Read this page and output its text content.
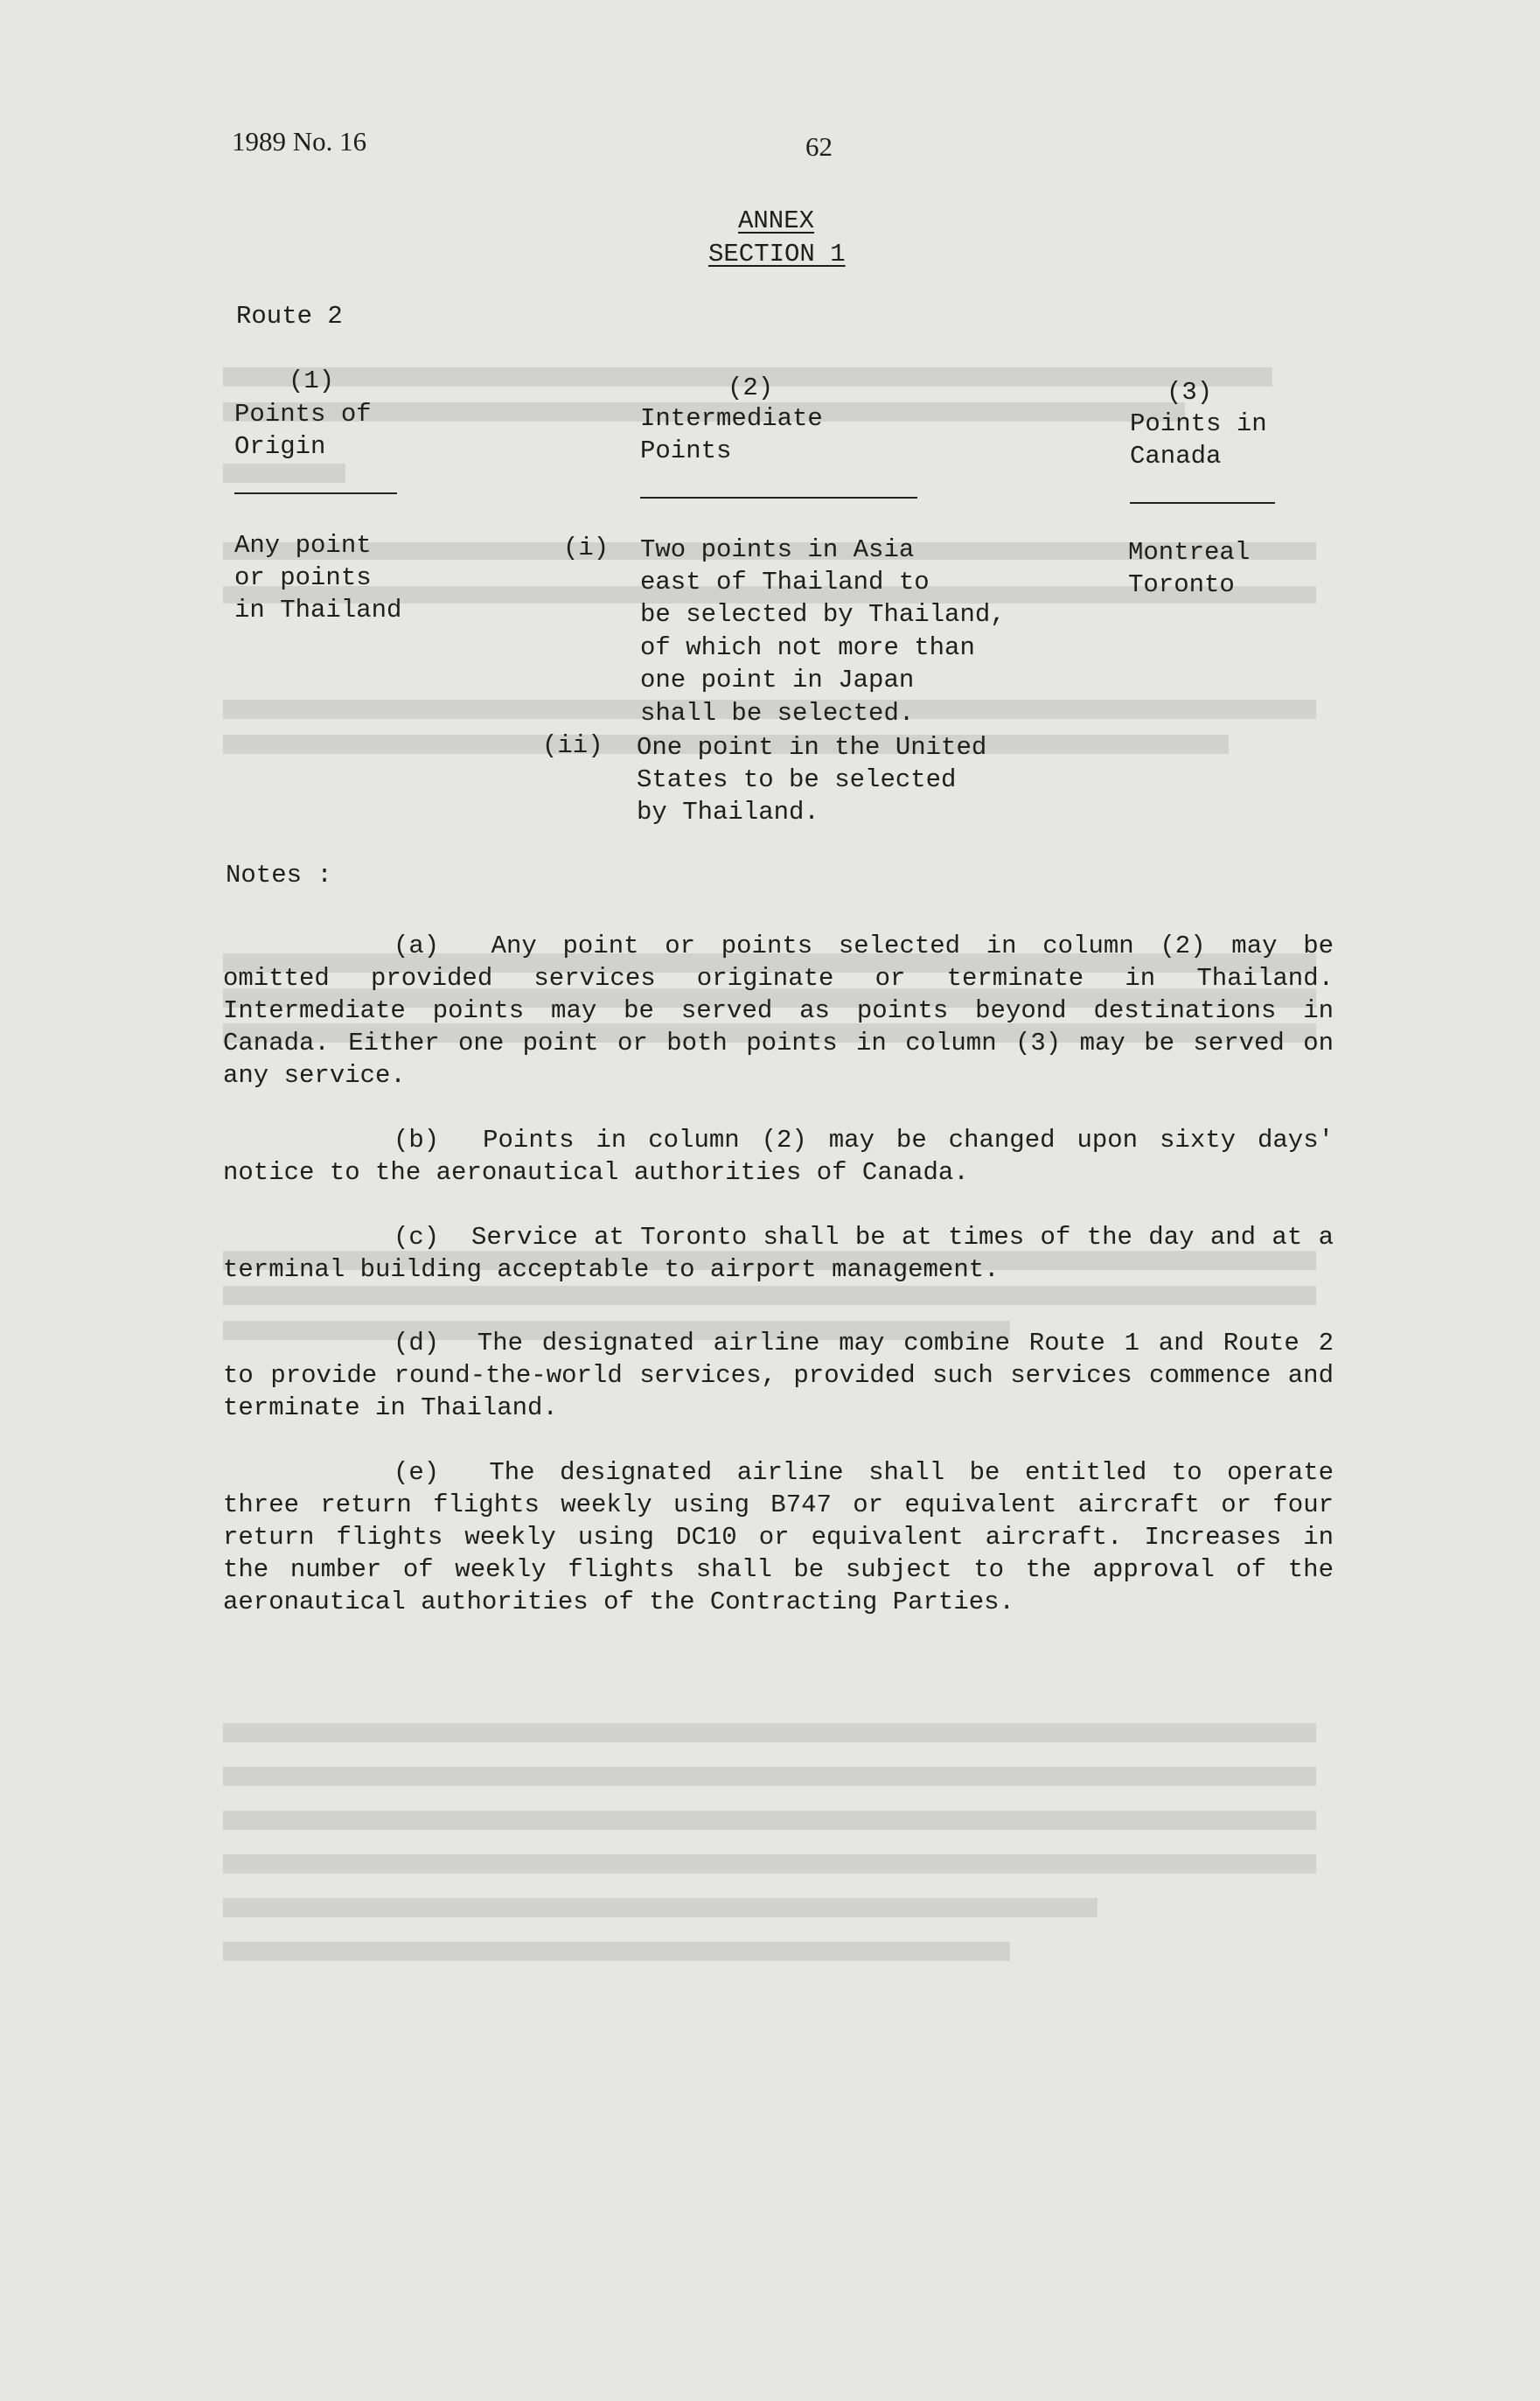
1989 No. 16	62
ANNEX
SECTION 1
Route 2
(1)
Points of
Origin
(2)
Intermediate
Points
(3)
Points in
Canada
Any point
or points
in Thailand
(i) Two points in Asia
east of Thailand to
be selected by Thailand,
of which not more than
one point in Japan
shall be selected.
(ii) One point in the United
States to be selected
by Thailand.
Montreal
Toronto
Notes :
(a) Any point or points selected in column (2) may be omitted provided services originate or terminate in Thailand. Intermediate points may be served as points beyond destinations in Canada. Either one point or both points in column (3) may be served on any service.
(b) Points in column (2) may be changed upon sixty days' notice to the aeronautical authorities of Canada.
(c) Service at Toronto shall be at times of the day and at a terminal building acceptable to airport management.
(d) The designated airline may combine Route 1 and Route 2 to provide round-the-world services, provided such services commence and terminate in Thailand.
(e) The designated airline shall be entitled to operate three return flights weekly using B747 or equivalent aircraft or four return flights weekly using DC10 or equivalent aircraft. Increases in the number of weekly flights shall be subject to the approval of the aeronautical authorities of the Contracting Parties.
